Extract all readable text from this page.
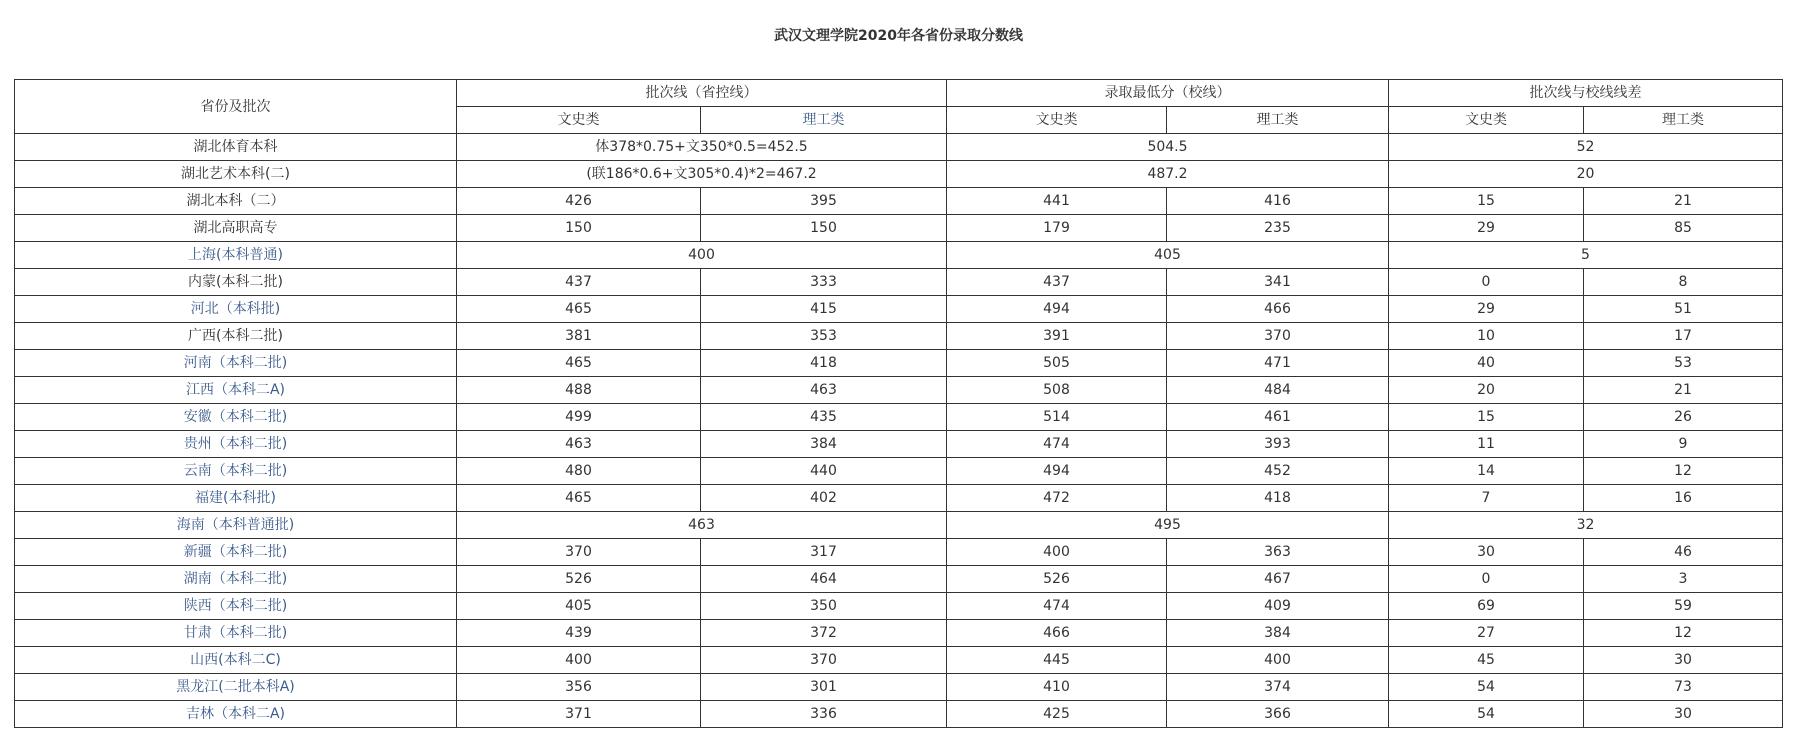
武汉文理学院2020年各省份录取分数线
省份及批次	批次线（省控线）		录取最低分（校线）		批次线与校线线差	
	文史类	理工类	文史类	理工类	文史类	理工类
湖北体育本科	体378*0.75+文350*0.5=452.5		504.5		52	
湖北艺术本科(二)	(联186*0.6+文305*0.4)*2=467.2		487.2		20	
湖北本科（二）	426	395	441	416	15	21
湖北高职高专	150	150	179	235	29	85
上海(本科普通)	400		405		5	
内蒙(本科二批)	437	333	437	341	0	8
河北（本科批)	465	415	494	466	29	51
广西(本科二批)	381	353	391	370	10	17
河南（本科二批)	465	418	505	471	40	53
江西（本科二A)	488	463	508	484	20	21
安徽（本科二批)	499	435	514	461	15	26
贵州（本科二批)	463	384	474	393	11	9
云南（本科二批)	480	440	494	452	14	12
福建(本科批)	465	402	472	418	7	16
海南（本科普通批)	463		495		32	
新疆（本科二批)	370	317	400	363	30	46
湖南（本科二批)	526	464	526	467	0	3
陕西（本科二批)	405	350	474	409	69	59
甘肃（本科二批)	439	372	466	384	27	12
山西(本科二C)	400	370	445	400	45	30
黑龙江(二批本科A)	356	301	410	374	54	73
吉林（本科二A)	371	336	425	366	54	30
